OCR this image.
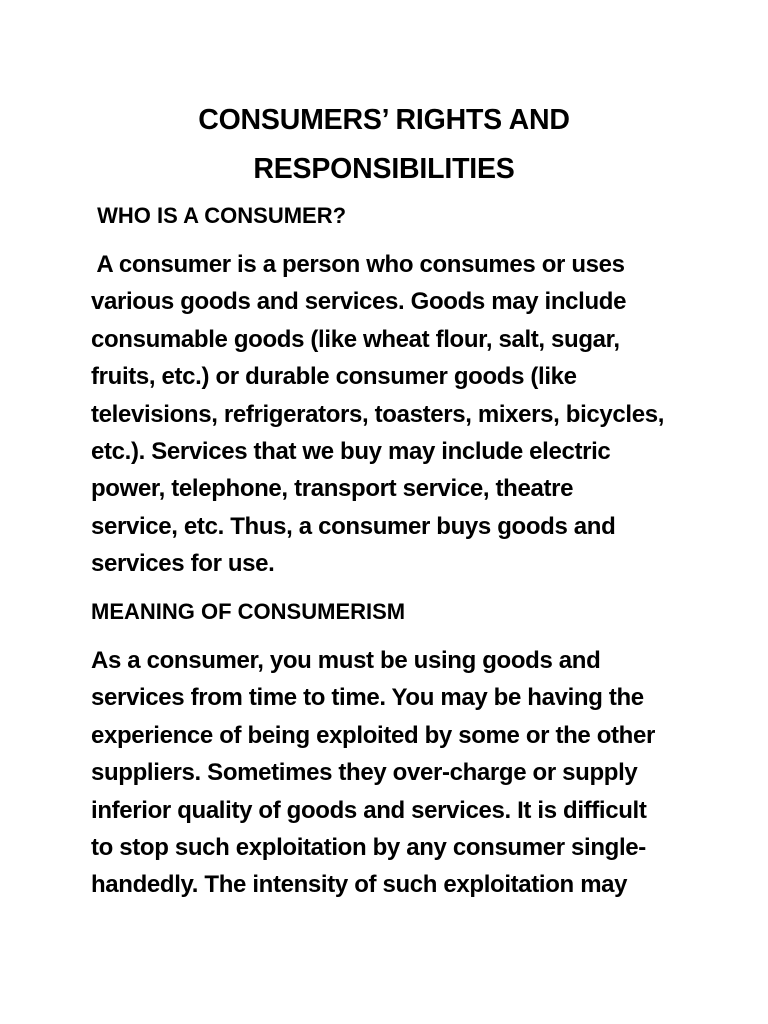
CONSUMERS’ RIGHTS AND
RESPONSIBILITIES
WHO IS A CONSUMER?
A consumer is a person who consumes or uses
various goods and services. Goods may include
consumable goods (like wheat flour, salt, sugar,
fruits, etc.) or durable consumer goods (like
televisions, refrigerators, toasters, mixers, bicycles,
etc.). Services that we buy may include electric
power, telephone, transport service, theatre
service, etc. Thus, a consumer buys goods and
services for use.
MEANING OF CONSUMERISM
As a consumer, you must be using goods and
services from time to time. You may be having the
experience of being exploited by some or the other
suppliers. Sometimes they over-charge or supply
inferior quality of goods and services. It is difficult
to stop such exploitation by any consumer single-
handedly. The intensity of such exploitation may
